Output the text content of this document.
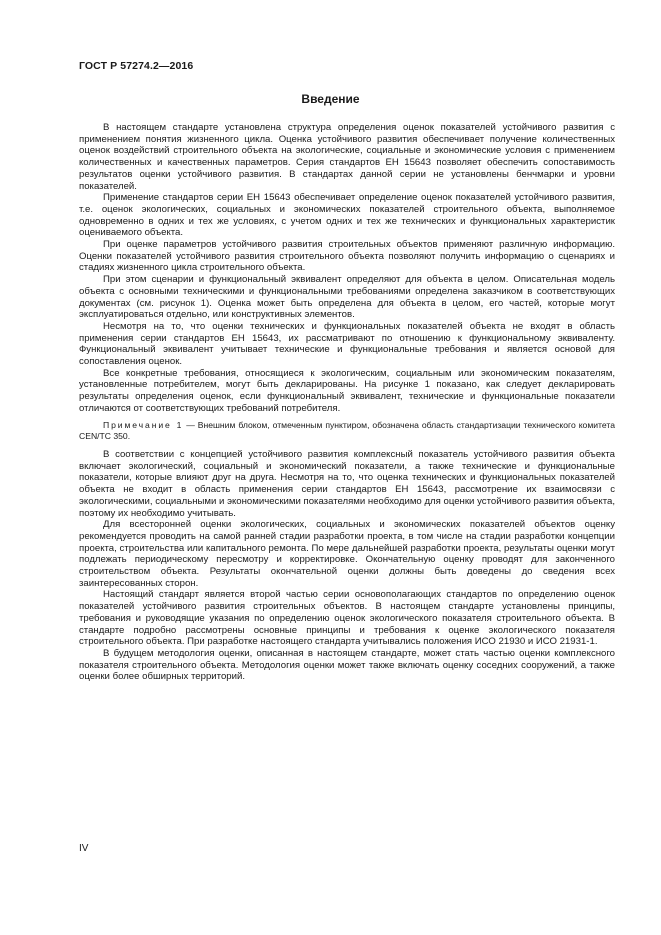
ГОСТ Р 57274.2—2016
Введение

В настоящем стандарте установлена структура определения оценок показателей устойчивого развития с применением понятия жизненного цикла. Оценка устойчивого развития обеспечивает получение количественных оценок воздействий строительного объекта на экологические, социальные и экономические условия с применением количественных и качественных параметров. Серия стандартов ЕН 15643 позволяет обеспечить сопоставимость результатов оценки устойчивого развития. В стандартах данной серии не установлены бенчмарки и уровни показателей.

Применение стандартов серии ЕН 15643 обеспечивает определение оценок показателей устойчивого развития, т.е. оценок экологических, социальных и экономических показателей строительного объекта, выполняемое одновременно в одних и тех же условиях, с учетом одних и тех же технических и функциональных характеристик оцениваемого объекта.

При оценке параметров устойчивого развития строительных объектов применяют различную информацию. Оценки показателей устойчивого развития строительного объекта позволяют получить информацию о сценариях и стадиях жизненного цикла строительного объекта.

При этом сценарии и функциональный эквивалент определяют для объекта в целом. Описательная модель объекта с основными техническими и функциональными требованиями определена заказчиком в соответствующих документах (см. рисунок 1). Оценка может быть определена для объекта в целом, его частей, которые могут эксплуатироваться отдельно, или конструктивных элементов.

Несмотря на то, что оценки технических и функциональных показателей объекта не входят в область применения серии стандартов ЕН 15643, их рассматривают по отношению к функциональному эквиваленту. Функциональный эквивалент учитывает технические и функциональные требования и является основой для сопоставления оценок.

Все конкретные требования, относящиеся к экологическим, социальным или экономическим показателям, установленные потребителем, могут быть декларированы. На рисунке 1 показано, как следует декларировать результаты определения оценок, если функциональный эквивалент, технические и функциональные показатели отличаются от соответствующих требований потребителя.

Примечание 1 — Внешним блоком, отмеченным пунктиром, обозначена область стандартизации технического комитета CEN/TC 350.

В соответствии с концепцией устойчивого развития комплексный показатель устойчивого развития объекта включает экологический, социальный и экономический показатели, а также технические и функциональные показатели, которые влияют друг на друга. Несмотря на то, что оценка технических и функциональных показателей объекта не входит в область применения серии стандартов ЕН 15643, рассмотрение их взаимосвязи с экологическими, социальными и экономическими показателями необходимо для оценки устойчивого развития объекта, поэтому их необходимо учитывать.

Для всесторонней оценки экологических, социальных и экономических показателей объектов оценку рекомендуется проводить на самой ранней стадии разработки проекта, в том числе на стадии разработки концепции проекта, строительства или капитального ремонта. По мере дальнейшей разработки проекта, результаты оценки могут подлежать периодическому пересмотру и корректировке. Окончательную оценку проводят для законченного строительством объекта. Результаты окончательной оценки должны быть доведены до сведения всех заинтересованных сторон.

Настоящий стандарт является второй частью серии основополагающих стандартов по определению оценок показателей устойчивого развития строительных объектов. В настоящем стандарте установлены принципы, требования и руководящие указания по определению оценок экологического показателя строительного объекта. В стандарте подробно рассмотрены основные принципы и требования к оценке экологического показателя строительного объекта. При разработке настоящего стандарта учитывались положения ИСО 21930 и ИСО 21931-1.

В будущем методология оценки, описанная в настоящем стандарте, может стать частью оценки комплексного показателя строительного объекта. Методология оценки может также включать оценку соседних сооружений, а также оценки более обширных территорий.

IV
